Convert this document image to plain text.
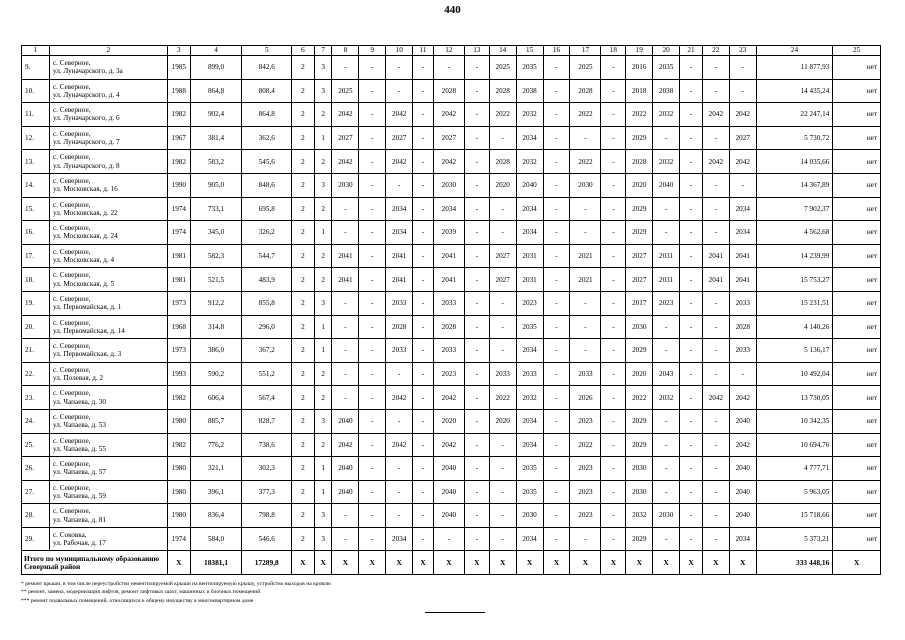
440
1	2	3	4	5	6	7	8	9	10	11	12	13	14	15	16	17	18	19	20	21	22	23	24	25
9.	с. Северное,
ул. Луначарского, д. 3а	1985	899,0	842,6	2	3	-	-	-	-	-	-	2025	2035	-	2025	-	2016	2035	-	-	-	11 877,93	нет
10.	с. Северное,
ул. Луначарского, д. 4	1988	864,8	808,4	2	3	2025	-	-	-	2028	-	2028	2038	-	2028	-	2018	2038	-	-	-	14 435,24	нет
11.	с. Северное,
ул. Луначарского, д. 6	1982	902,4	864,8	2	2	2042	-	2042	-	2042	-	2022	2032	-	2022	-	2022	2032	-	2042	2042	22 247,14	нет
12.	с. Северное,
ул. Луначарского, д. 7	1967	381,4	362,6	2	1	2027	-	2027	-	2027	-	-	2034	-	-	-	2029	-	-	-	2027	5 730,72	нет
13.	с. Северное,
ул. Луначарского, д. 8	1982	583,2	545,6	2	2	2042	-	2042	-	2042	-	2028	2032	-	2022	-	2028	2032	-	2042	2042	14 035,66	нет
14.	с. Северное,
ул. Московская, д. 16	1990	905,0	848,6	2	3	2030	-	-	-	2030	-	2020	2040	-	2030	-	2020	2040	-	-	-	14 367,89	нет
15.	с. Северное,
ул. Московская, д. 22	1974	733,1	695,8	2	2	-	-	2034	-	2034	-	-	2034	-	-	-	2029	-	-	-	2034	7 902,37	нет
16.	с. Северное,
ул. Московская, д. 24	1974	345,0	326,2	2	1	-	-	2034	-	2039	-	-	2034	-	-	-	2029	-	-	-	2034	4 562,68	нет
17.	с. Северное,
ул. Московская, д. 4	1981	582,3	544,7	2	2	2041	-	2041	-	2041	-	2027	2031	-	2021	-	2027	2031	-	2041	2041	14 239,99	нет
18.	с. Северное,
ул. Московская, д. 5	1981	521,5	483,9	2	2	2041	-	2041	-	2041	-	2027	2031	-	2021	-	2027	2031	-	2041	2041	15 753,27	нет
19.	с. Северное,
ул. Первомайская, д. 1	1973	912,2	855,8	2	3	-	-	2033	-	2033	-	-	2023	-	-	-	2017	2023	-	-	2033	15 231,51	нет
20.	с. Северное,
ул. Первомайская, д. 14	1968	314,8	296,0	2	1	-	-	2028	-	2028	-	-	2035	-	-	-	2030	-	-	-	2028	4 140,26	нет
21.	с. Северное,
ул. Первомайская, д. 3	1973	386,0	367,2	2	1	-	-	2033	-	2033	-	-	2034	-	-	-	2029	-	-	-	2033	5 136,17	нет
22.	с. Северное,
ул. Полевая, д. 2	1993	590,2	551,2	2	2	-	-	-	-	2023	-	2033	2033	-	2033	-	2020	2043	-	-	-	10 492,04	нет
23.	с. Северное,
ул. Чапаева, д. 30	1982	606,4	567,4	2	2	-	-	2042	-	2042	-	2022	2032	-	2026	-	2022	2032	-	2042	2042	13 730,05	нет
24.	с. Северное,
ул. Чапаева, д. 53	1980	885,7	828,7	2	3	2040	-	-	-	2020	-	2020	2034	-	2023	-	2029	-	-	-	2040	10 342,35	нет
25.	с. Северное,
ул. Чапаева, д. 55	1982	776,2	738,6	2	2	2042	-	2042	-	2042	-	-	2034	-	2022	-	2029	-	-	-	2042	10 694,76	нет
26.	с. Северное,
ул. Чапаева, д. 57	1980	321,1	302,3	2	1	2040	-	-	-	2040	-	-	2035	-	2023	-	2030	-	-	-	2040	4 777,71	нет
27.	с. Северное,
ул. Чапаева, д. 59	1980	396,1	377,3	2	1	2040	-	-	-	2040	-	-	2035	-	2023	-	2030	-	-	-	2040	5 963,05	нет
28.	с. Северное,
ул. Чапаева, д. 81	1980	836,4	798,8	2	3	-	-	-	-	2040	-	-	2030	-	2023	-	2032	2030	-	-	2040	15 718,66	нет
29.	с. Соковка,
ул. Рабочая, д. 17	1974	584,0	546,6	2	3	-	-	2034	-	-	-	-	2034	-	-	-	2029	-	-	-	2034	5 373,21	нет
Итого по муниципальному образованию Северный район		X	18381,1	17289,8	X	X	X	X	X	X	X	X	X	X	X	X	X	X	X	X	X	X	333 448,16	X
* ремонт крыши, в том числе переустройство невентилируемой крыши на вентилируемую крышу, устройство выходов на кровлю
** ремонт, замена, модернизация лифтов, ремонт лифтовых шахт, машинных и блочных помещений
*** ремонт подвальных помещений, относящихся к общему имуществу в многоквартирном доме
